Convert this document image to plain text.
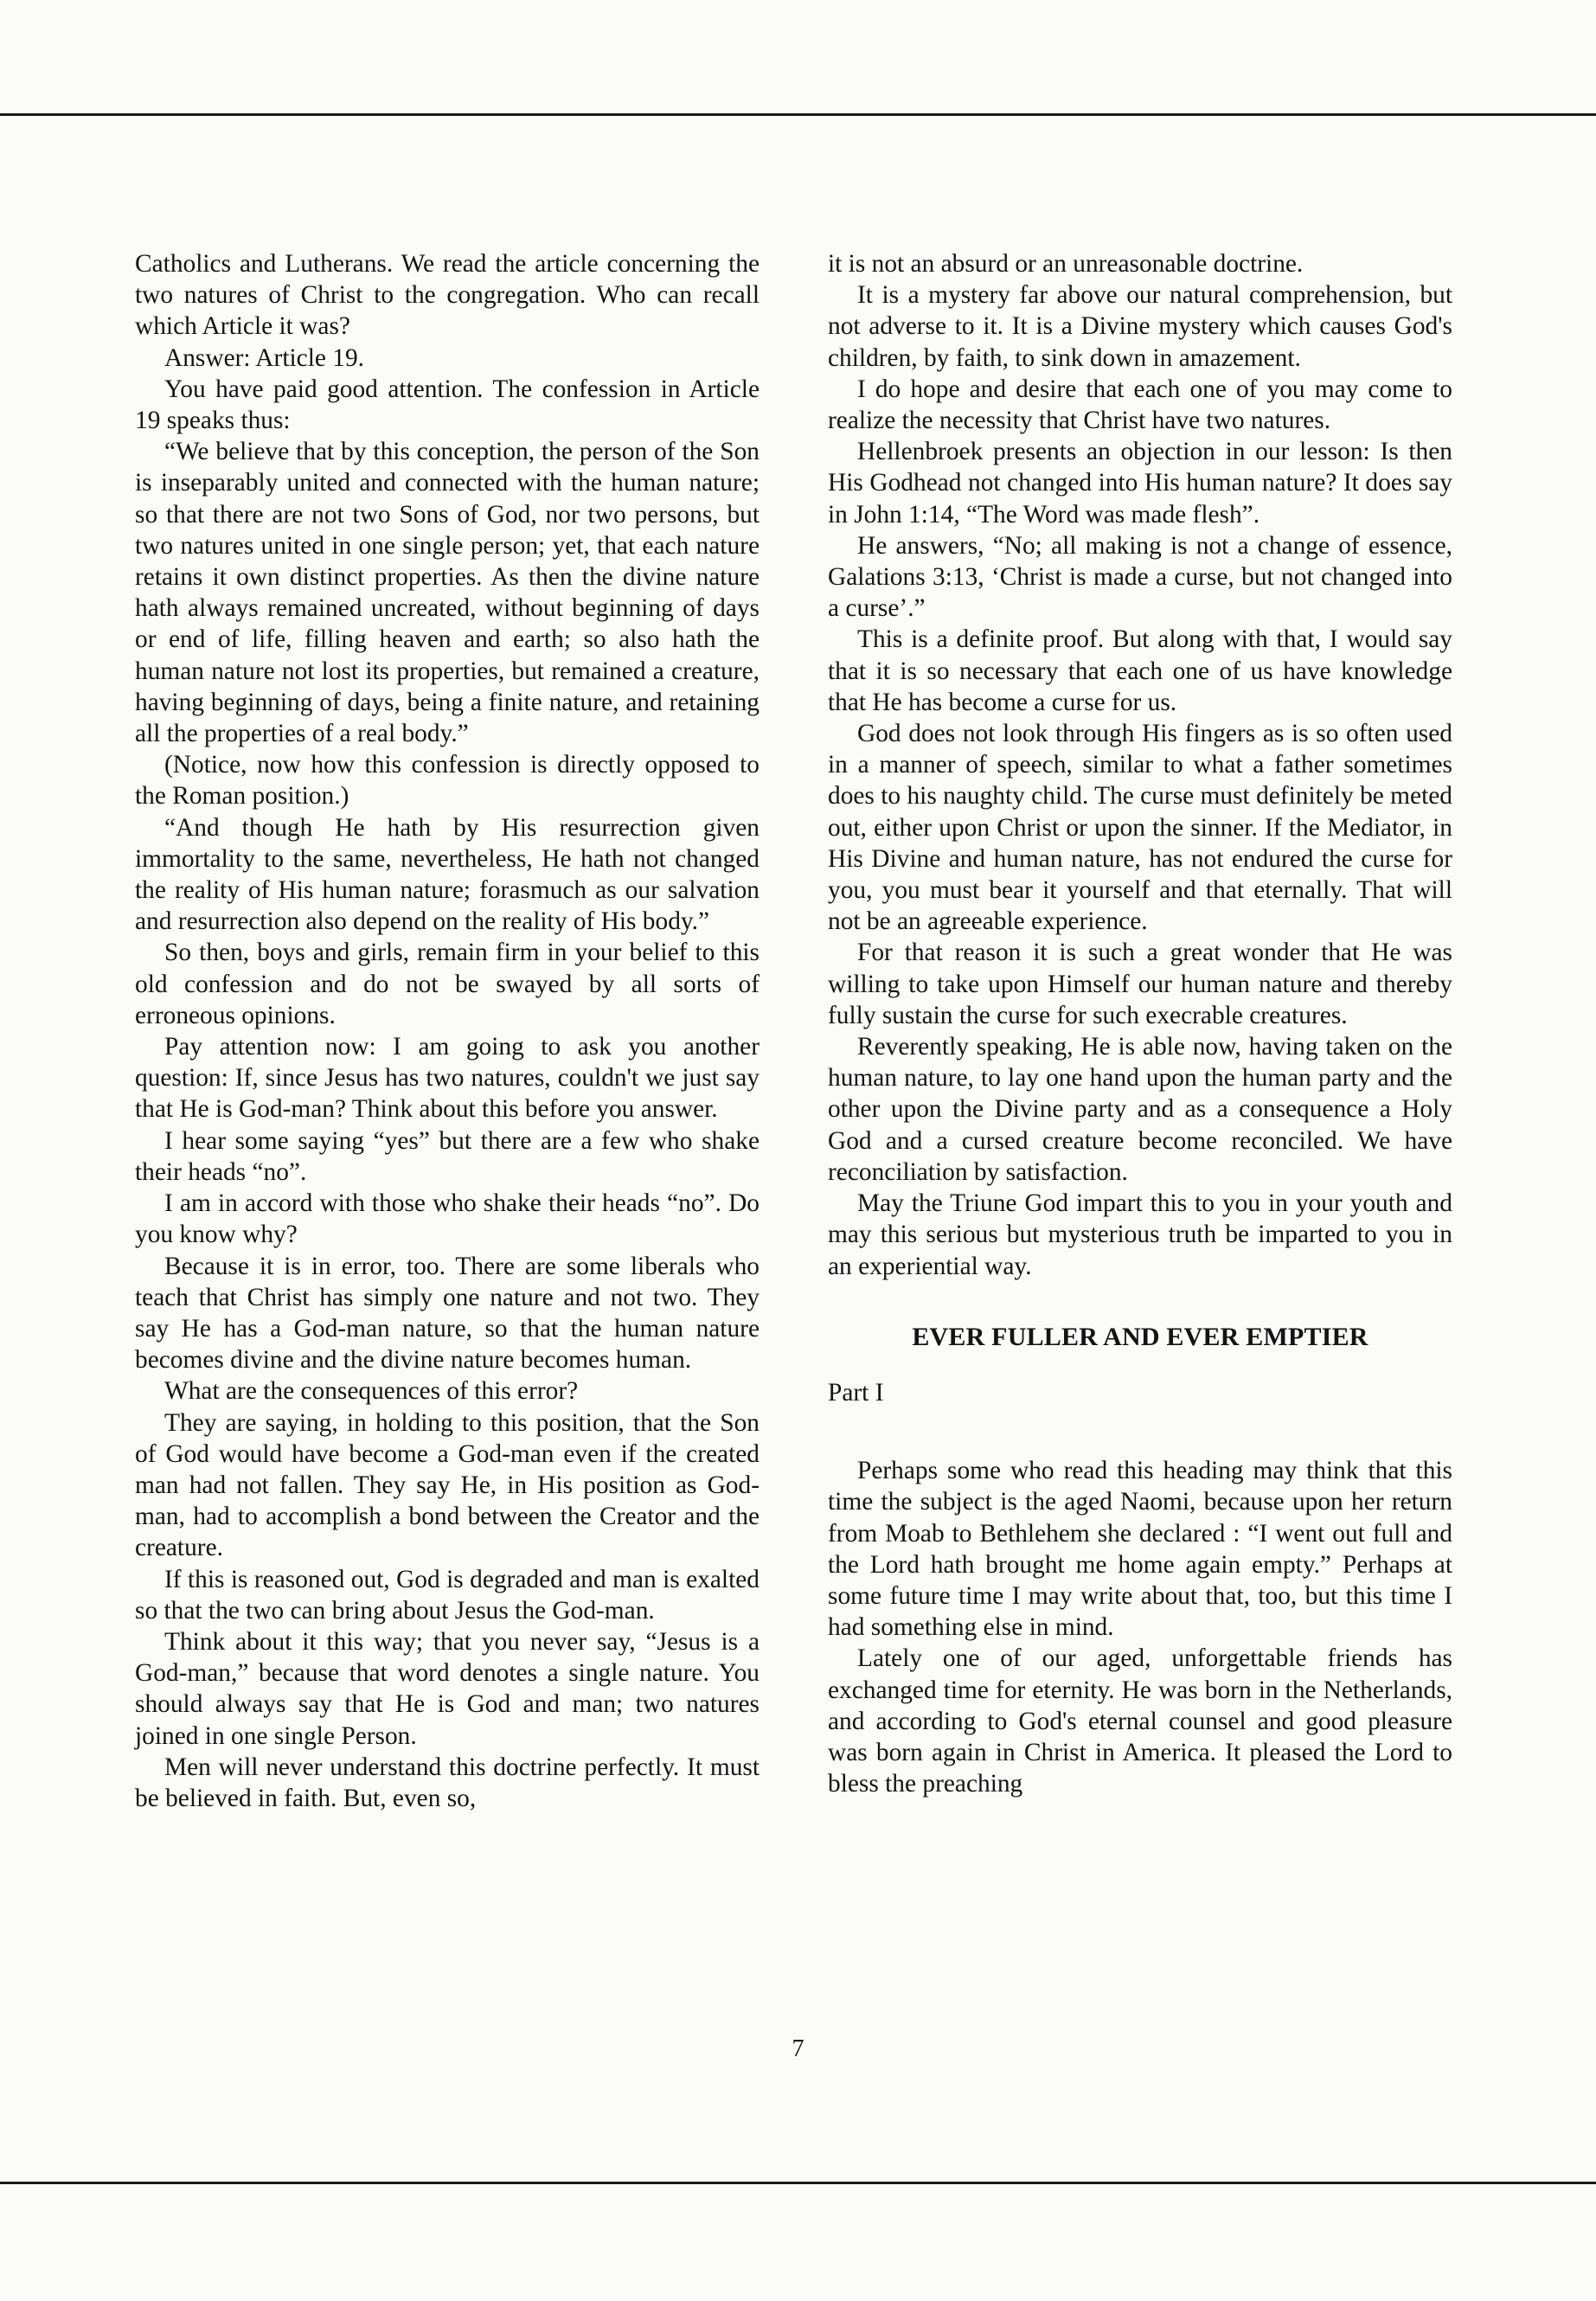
Catholics and Lutherans. We read the article concerning the two natures of Christ to the congregation. Who can recall which Article it was?

Answer: Article 19.

You have paid good attention. The confession in Article 19 speaks thus:

“We believe that by this conception, the person of the Son is inseparably united and connected with the human nature; so that there are not two Sons of God, nor two persons, but two natures united in one single person; yet, that each nature retains it own distinct properties. As then the divine nature hath always remained uncreated, without beginning of days or end of life, filling heaven and earth; so also hath the human nature not lost its properties, but remained a creature, having beginning of days, being a finite nature, and retaining all the properties of a real body.”

(Notice, now how this confession is directly opposed to the Roman position.)

“And though He hath by His resurrection given immortality to the same, nevertheless, He hath not changed the reality of His human nature; forasmuch as our salvation and resurrection also depend on the reality of His body.”

So then, boys and girls, remain firm in your belief to this old confession and do not be swayed by all sorts of erroneous opinions.

Pay attention now: I am going to ask you another question: If, since Jesus has two natures, couldn't we just say that He is God-man? Think about this before you answer.

I hear some saying “yes” but there are a few who shake their heads “no”.

I am in accord with those who shake their heads “no”. Do you know why?

Because it is in error, too. There are some liberals who teach that Christ has simply one nature and not two. They say He has a God-man nature, so that the human nature becomes divine and the divine nature becomes human.

What are the consequences of this error?

They are saying, in holding to this position, that the Son of God would have become a God-man even if the created man had not fallen. They say He, in His position as God-man, had to accomplish a bond between the Creator and the creature.

If this is reasoned out, God is degraded and man is exalted so that the two can bring about Jesus the God-man.

Think about it this way; that you never say, “Jesus is a God-man,” because that word denotes a single nature. You should always say that He is God and man; two natures joined in one single Person.

Men will never understand this doctrine perfectly. It must be believed in faith. But, even so,

it is not an absurd or an unreasonable doctrine.

It is a mystery far above our natural comprehension, but not adverse to it. It is a Divine mystery which causes God's children, by faith, to sink down in amazement.

I do hope and desire that each one of you may come to realize the necessity that Christ have two natures.

Hellenbroek presents an objection in our lesson: Is then His Godhead not changed into His human nature? It does say in John 1:14, “The Word was made flesh”.

He answers, “No; all making is not a change of essence, Galations 3:13, ‘Christ is made a curse, but not changed into a curse’.”

This is a definite proof. But along with that, I would say that it is so necessary that each one of us have knowledge that He has become a curse for us.

God does not look through His fingers as is so often used in a manner of speech, similar to what a father sometimes does to his naughty child. The curse must definitely be meted out, either upon Christ or upon the sinner. If the Mediator, in His Divine and human nature, has not endured the curse for you, you must bear it yourself and that eternally. That will not be an agreeable experience.

For that reason it is such a great wonder that He was willing to take upon Himself our human nature and thereby fully sustain the curse for such execrable creatures.

Reverently speaking, He is able now, having taken on the human nature, to lay one hand upon the human party and the other upon the Divine party and as a consequence a Holy God and a cursed creature become reconciled. We have reconciliation by satisfaction.

May the Triune God impart this to you in your youth and may this serious but mysterious truth be imparted to you in an experiential way.

EVER FULLER AND EVER EMPTIER

Part I

Perhaps some who read this heading may think that this time the subject is the aged Naomi, because upon her return from Moab to Bethlehem she declared : “I went out full and the Lord hath brought me home again empty.” Perhaps at some future time I may write about that, too, but this time I had something else in mind.

Lately one of our aged, unforgettable friends has exchanged time for eternity. He was born in the Netherlands, and according to God's eternal counsel and good pleasure was born again in Christ in America. It pleased the Lord to bless the preaching

7
